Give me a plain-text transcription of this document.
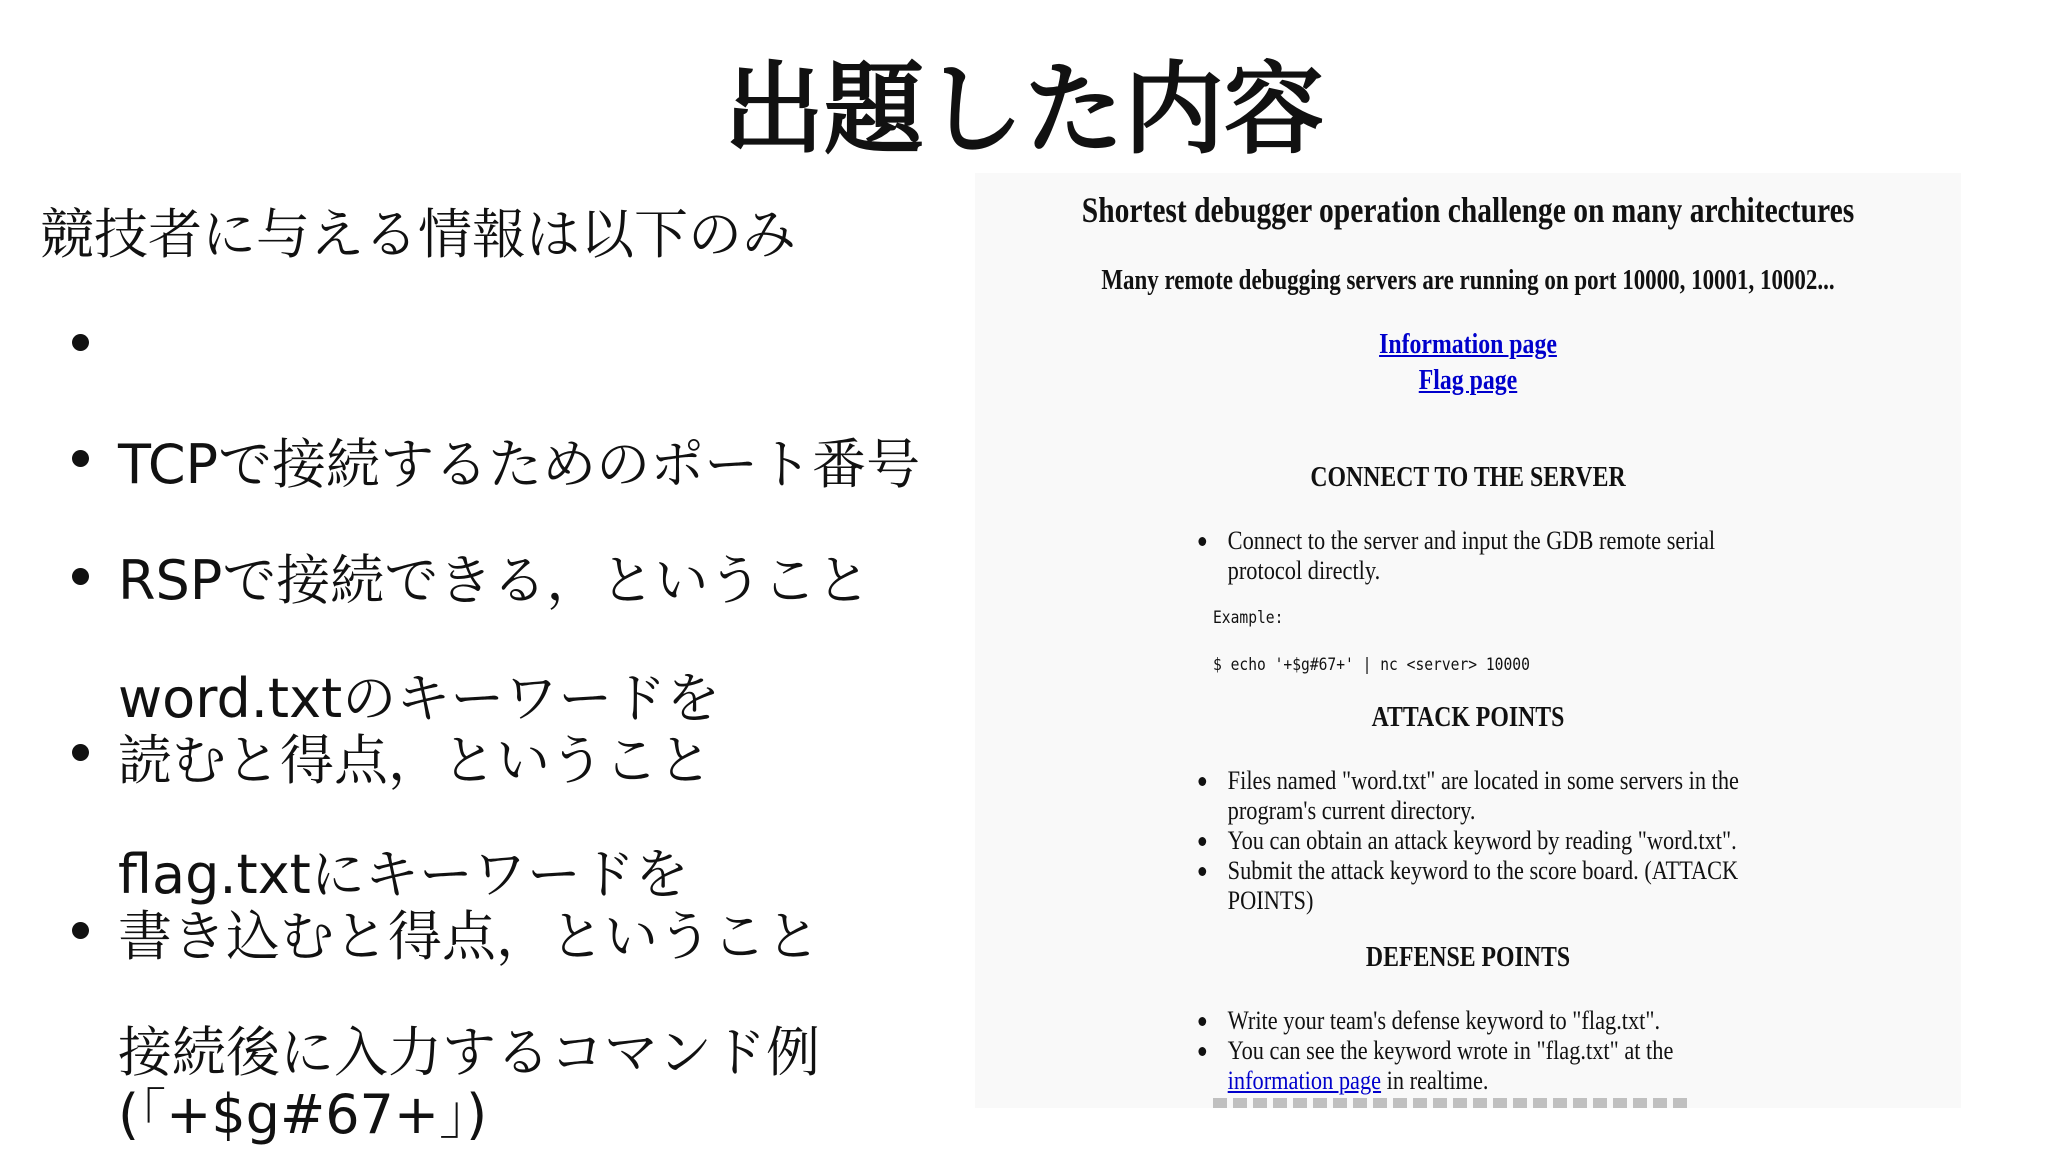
出題した内容

競技者に与える情報は以下のみ

TCPで接続するためのポート番号

RSPで接続できる，ということ

word.txtのキーワードを
読むと得点，ということ

flag.txtにキーワードを
書き込むと得点，ということ

接続後に入力するコマンド例
(「+$g#67+」)

Shortest debugger operation challenge on many architectures
Many remote debugging servers are running on port 10000, 10001, 10002...
Information page
Flag page
CONNECT TO THE SERVER
Connect to the server and input the GDB remote serial protocol directly.
Example:
$ echo '+$g#67+' | nc <server> 10000
ATTACK POINTS
Files named "word.txt" are located in some servers in the program's current directory.
You can obtain an attack keyword by reading "word.txt".
Submit the attack keyword to the score board. (ATTACK POINTS)
DEFENSE POINTS
Write your team's defense keyword to "flag.txt".
You can see the keyword wrote in "flag.txt" at the
information page in realtime.
